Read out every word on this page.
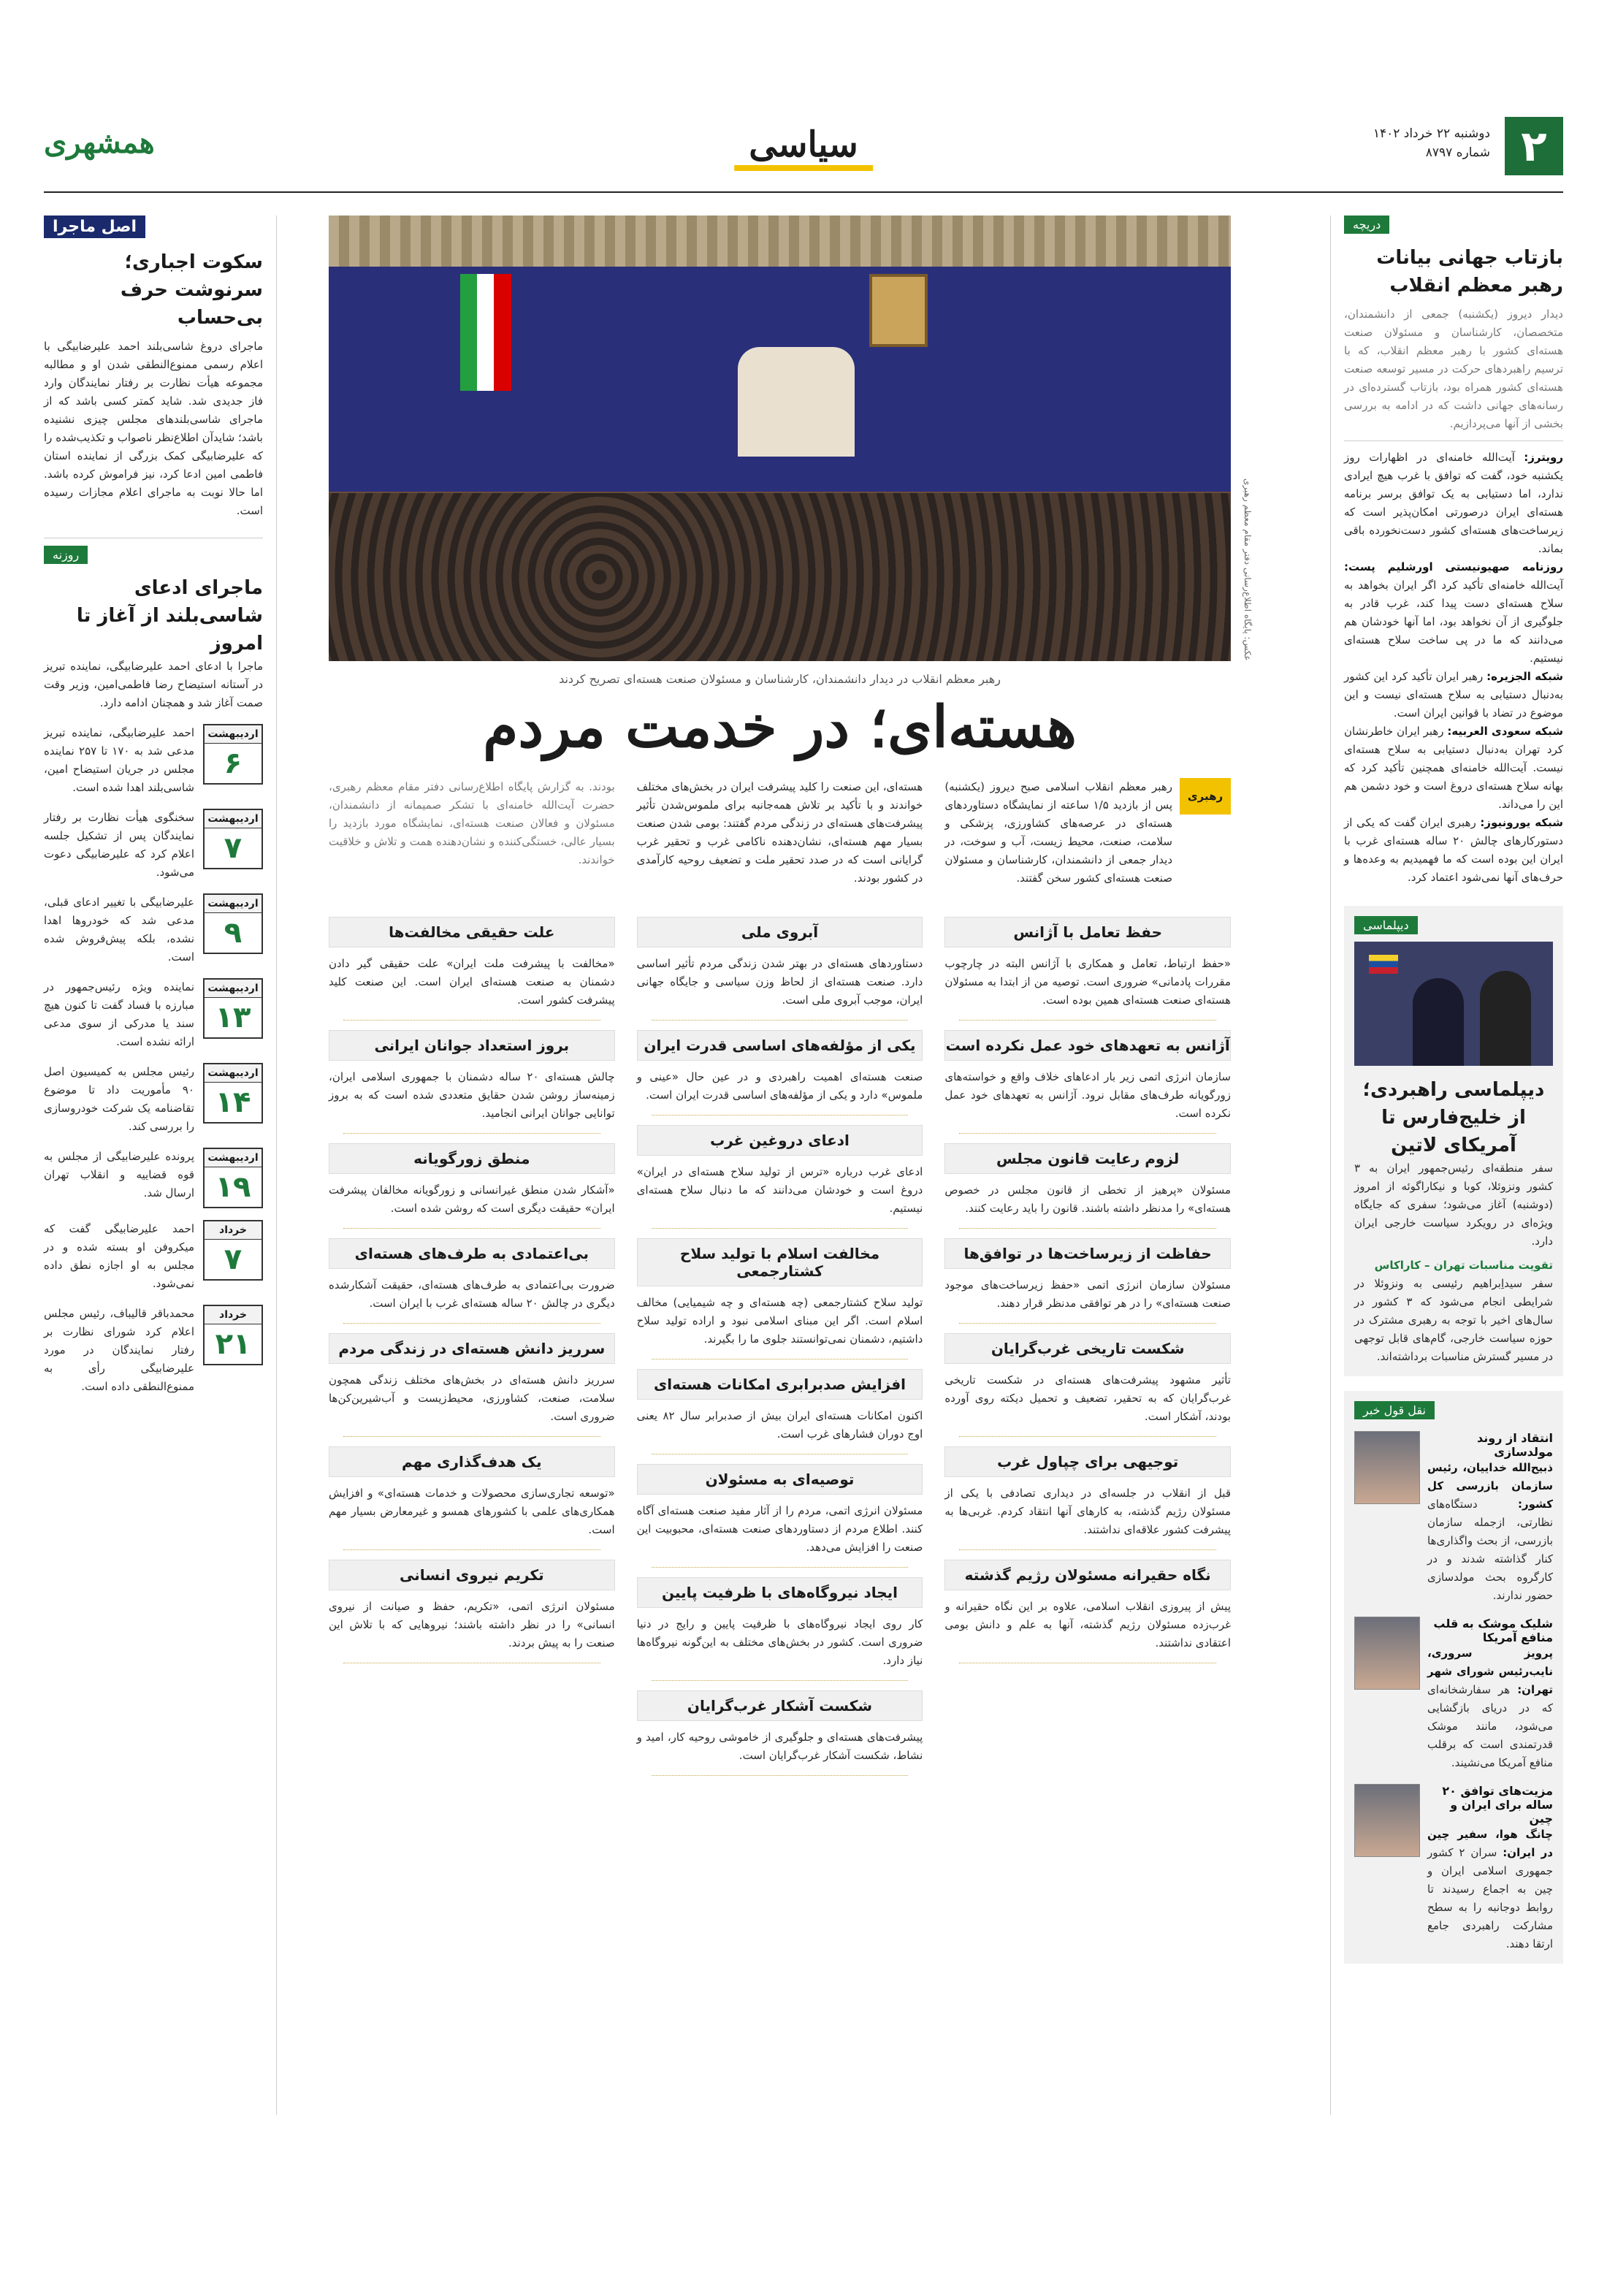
۲
دوشنبه ۲۲ خرداد ۱۴۰۲
شماره ۸۷۹۷
سیاسی
همشهری
دریچه
بازتاب جهانی بیانات رهبر معظم انقلاب
دیدار دیروز (یکشنبه) جمعی از دانشمندان، متخصصان، کارشناسان و مسئولان صنعت هسته‌ای کشور با رهبر معظم انقلاب، که با ترسیم راهبردهای حرکت در مسیر توسعه صنعت هسته‌ای کشور همراه بود، بازتاب گسترده‌ای در رسانه‌های جهانی داشت که در ادامه به بررسی بخشی از آنها می‌پردازیم.
رویترز: آیت‌الله خامنه‌ای در اظهارات روز یکشنبه خود، گفت که توافق با غرب هیچ ایرادی ندارد، اما دستیابی به یک توافق برسر برنامه هسته‌ای ایران درصورتی امکان‌پذیر است که زیرساخت‌های هسته‌ای کشور دست‌نخورده باقی بماند.
روزنامه صهیونیستی اورشلیم پست: آیت‌الله خامنه‌ای تأکید کرد اگر ایران بخواهد به سلاح هسته‌ای دست پیدا کند، غرب قادر به جلوگیری از آن نخواهد بود، اما آنها خودشان هم می‌دانند که ما در پی ساخت سلاح هسته‌ای نیستیم.
شبکه الجزیره: رهبر ایران تأکید کرد این کشور به‌دنبال دستیابی به سلاح هسته‌ای نیست و این موضوع در تضاد با قوانین ایران است.
شبکه سعودی العربیه: رهبر ایران خاطرنشان کرد تهران به‌دنبال دستیابی به سلاح هسته‌ای نیست. آیت‌الله خامنه‌ای همچنین تأکید کرد که بهانه سلاح هسته‌ای دروغ است و خود دشمن هم این را می‌داند.
شبکه یورونیوز: رهبری ایران گفت که یکی از دستورکارهای چالش ۲۰ ساله هسته‌ای غرب با ایران این بوده است که ما فهمیدیم به وعده‌ها و حرف‌های آنها نمی‌شود اعتماد کرد.
دیپلماسی
دیپلماسی راهبردی؛ از خلیج‌فارس تا آمریکای لاتین
سفر منطقه‌ای رئیس‌جمهور ایران به ۳ کشور ونزوئلا، کوبا و نیکاراگوئه از امروز (دوشنبه) آغاز می‌شود؛ سفری که جایگاه ویژه‌ای در رویکرد سیاست خارجی ایران دارد.
تقویت مناسبات تهران – کاراکاس
سفر سیداِبراهیم رئیسی به ونزوئلا در شرایطی انجام می‌شود که ۳ کشور در سال‌های اخیر با توجه به رهبری مشترک در حوزه سیاست خارجی، گام‌های قابل توجهی در مسیر گسترش مناسبات برداشته‌اند.
نقل قول خبر
انتقاد از روند مولدسازی
ذبیح‌الله خداییان، رئیس سازمان بازرسی کل کشور: دستگاه‌های نظارتی، ازجمله سازمان بازرسی، از بحث واگذاری‌ها کنار گذاشته شدند و در کارگروه بحث مولدسازی حضور ندارند.
شلیک موشک به قلب منافع آمریکا
پرویز سروری، نایب‌رئیس شورای شهر تهران: هر سفارشخانه‌ای که در دریای بازگشایی می‌شود، مانند موشک قدرتمندی است که برقلب منافع آمریکا می‌نشیند.
مزیت‌های توافق ۲۰ ساله برای ایران و چین
چانگ هوا، سفیر چین در ایران: سران ۲ کشور جمهوری اسلامی ایران و چین به اجماع رسیدند تا روابط دوجانبه را به سطح مشارکت راهبردی جامع ارتقا دهند.
اصل ماجرا
سکوت اجباری؛ سرنوشت حرف بی‌حساب
ماجرای دروغ شاسی‌بلند احمد علیرضابیگی با اعلام رسمی ممنوع‌النطقی شدن او و مطالبه مجموعه هیأت نظارت بر رفتار نمایندگان وارد فاز جدیدی شد. شاید کمتر کسی باشد که از ماجرای شاسی‌بلندهای مجلس چیزی نشنیده باشد؛ شایدآن اطلاع‌نظر ناصواب و تکذیب‌شده را که علیرضابیگی کمک بزرگی از نماینده استان فاطمی امین ادعا کرد، نیز فراموش کرده باشد. اما حالا نوبت به ماجرای اعلام مجازات رسیده است.
روزنه
ماجرای ادعای شاسی‌بلند از آغاز تا امروز
ماجرا با ادعای احمد علیرضابیگی، نماینده تبریز در آستانه استیضاح رضا فاطمی‌امین، وزیر وقت صمت آغاز شد و همچنان ادامه دارد.
اردیبهشت
۶
احمد علیرضابیگی، نماینده تبریز مدعی شد به ۱۷۰ تا ۲۵۷ نماینده مجلس در جریان استیضاح امین، شاسی‌بلند اهدا شده است.
اردیبهشت
۷
سخنگوی هیأت نظارت بر رفتار نمایندگان پس از تشکیل جلسه اعلام کرد که علیرضابیگی دعوت می‌شود.
اردیبهشت
۹
علیرضابیگی با تغییر ادعای قبلی، مدعی شد که خودروها اهدا نشده، بلکه پیش‌فروش شده است.
اردیبهشت
۱۳
نماینده ویژه رئیس‌جمهور در مبارزه با فساد گفت تا کنون هیچ سند یا مدرکی از سوی مدعی ارائه نشده است.
اردیبهشت
۱۴
رئیس مجلس به کمیسیون اصل ۹۰ مأموریت داد تا موضوع تقاضنامه یک شرکت خودروسازی را بررسی کند.
اردیبهشت
۱۹
پرونده علیرضابیگی از مجلس به قوه قضاییه و انقلاب تهران ارسال شد.
خرداد
۷
احمد علیرضابیگی گفت که میکروفن او بسته شده و در مجلس به او اجازه نطق داده نمی‌شود.
خرداد
۲۱
محمدباقر قالیباف، رئیس مجلس اعلام کرد شورای نظارت بر رفتار نمایندگان در مورد علیرضابیگی رأی به ممنوع‌النطقی داده است.
عکس: پایگاه اطلاع‌رسانی دفتر مقام معظم رهبری
رهبر معظم انقلاب در دیدار دانشمندان، کارشناسان و مسئولان صنعت هسته‌ای تصریح کردند
هسته‌ای؛ در خدمت مردم
رهبری
رهبر معظم انقلاب اسلامی صبح دیروز (یکشنبه) پس از بازدید ۱/۵ ساعته از نمایشگاه دستاوردهای هسته‌ای در عرصه‌های کشاورزی، پزشکی و سلامت، صنعت، محیط زیست، آب و سوخت، در دیدار جمعی از دانشمندان، کارشناسان و مسئولان صنعت هسته‌ای کشور سخن گفتند.
هسته‌ای، این صنعت را کلید پیشرفت ایران در بخش‌های مختلف خواندند و با تأکید بر تلاش همه‌جانبه برای ملموس‌شدن تأثیر پیشرفت‌های هسته‌ای در زندگی مردم گفتند: بومی شدن صنعت بسیار مهم هسته‌ای، نشان‌دهنده ناکامی غرب و تحقیر غرب گرایانی است که در صدد تحقیر ملت و تضعیف روحیه کارآمدی در کشور بودند.
بودند. به گزارش پایگاه اطلاع‌رسانی دفتر مقام معظم رهبری، حضرت آیت‌الله خامنه‌ای با تشکر صمیمانه از دانشمندان، مسئولان و فعالان صنعت هسته‌ای، نمایشگاه مورد بازدید را بسیار عالی، خستگی‌کننده و نشان‌دهنده همت و تلاش و خلاقیت خواندند.
حفظ تعامل با آژانس
«حفظ ارتباط، تعامل و همکاری با آژانس البته در چارچوب مقررات پادمانی» ضروری است. توصیه من از ابتدا به مسئولان هسته‌ای صنعت هسته‌ای همین بوده است.
آژانس به تعهدهای خود عمل نکرده است
سازمان انرژی اتمی زیر بار ادعاهای خلاف واقع و خواسته‌های زورگویانه طرف‌های مقابل نرود. آژانس به تعهدهای خود عمل نکرده است.
لزوم رعایت قانون مجلس
مسئولان «پرهیز از تخطی از قانون مجلس در خصوص هسته‌ای» را مدنظر داشته باشند. قانون را باید رعایت کنند.
حفاظت از زیرساخت‌ها در توافق‌ها
مسئولان سازمان انرژی اتمی «حفظ زیرساخت‌های موجود صنعت هسته‌ای» را در هر توافقی مدنظر قرار دهند.
شکست تاریخی غرب‌گرایان
تأثیر مشهود پیشرفت‌های هسته‌ای در شکست تاریخی غرب‌گرایان که به تحقیر، تضعیف و تحمیل دیکته روی آورده بودند، آشکار است.
توجیهی برای چپاول غرب
قبل از انقلاب در جلسه‌ای در دیداری تصادفی با یکی از مسئولان رژیم گذشته، به کارهای آنها انتقاد کردم. غربی‌ها به پیشرفت کشور علاقه‌ای نداشتند.
نگاه حقیرانه مسئولان رژیم گذشته
پیش از پیروزی انقلاب اسلامی، علاوه بر این نگاه حقیرانه و غرب‌زده مسئولان رژیم گذشته، آنها به علم و دانش بومی اعتقادی نداشتند.
آبروی ملی
دستاوردهای هسته‌ای در بهتر شدن زندگی مردم تأثیر اساسی دارد. صنعت هسته‌ای از لحاظ وزن سیاسی و جایگاه جهانی ایران، موجب آبروی ملی است.
یکی از مؤلفه‌های اساسی قدرت ایران
صنعت هسته‌ای اهمیت راهبردی و در عین حال «عینی و ملموس» دارد و یکی از مؤلفه‌های اساسی قدرت ایران است.
ادعای دروغین غرب
ادعای غرب درباره «ترس از تولید سلاح هسته‌ای در ایران» دروغ است و خودشان می‌دانند که ما دنبال سلاح هسته‌ای نیستیم.
مخالفت اسلام با تولید سلاح کشتارجمعی
تولید سلاح کشتارجمعی (چه هسته‌ای و چه شیمیایی) مخالف اسلام است. اگر این مبنای اسلامی نبود و اراده تولید سلاح داشتیم، دشمنان نمی‌توانستند جلوی ما را بگیرند.
افزایش صدبرابری امکانات هسته‌ای
اکنون امکانات هسته‌ای ایران بیش از صدبرابر سال ۸۲ یعنی اوج دوران فشارهای غرب است.
توصیه‌ای به مسئولان
مسئولان انرژی اتمی، مردم را از آثار مفید صنعت هسته‌ای آگاه کنند. اطلاع مردم از دستاوردهای صنعت هسته‌ای، محبوبیت این صنعت را افزایش می‌دهد.
ایجاد نیروگاه‌های با ظرفیت پایین
کار روی ایجاد نیروگاه‌های با ظرفیت پایین و رایج در دنیا ضروری است. کشور در بخش‌های مختلف به این‌گونه نیروگاه‌ها نیاز دارد.
شکست آشکار غرب‌گرایان
پیشرفت‌های هسته‌ای و جلوگیری از خاموشی روحیه کار، امید و نشاط، شکست آشکار غرب‌گرایان است.
علت حقیقی مخالفت‌ها
«مخالفت با پیشرفت ملت ایران» علت حقیقی گیر دادن دشمنان به صنعت هسته‌ای ایران است. این صنعت کلید پیشرفت کشور است.
بروز استعداد جوانان ایرانی
چالش هسته‌ای ۲۰ ساله دشمنان با جمهوری اسلامی ایران، زمینه‌ساز روشن شدن حقایق متعددی شده است که به بروز توانایی جوانان ایرانی انجامید.
منطق زورگویانه
«آشکار شدن منطق غیرانسانی و زورگویانه مخالفان پیشرفت ایران» حقیقت دیگری است که روشن شده است.
بی‌اعتمادی به طرف‌های هسته‌ای
ضرورت بی‌اعتمادی به طرف‌های هسته‌ای، حقیقت آشکارشده دیگری در چالش ۲۰ ساله هسته‌ای غرب با ایران است.
سرریز دانش هسته‌ای در زندگی مردم
سرریز دانش هسته‌ای در بخش‌های مختلف زندگی همچون سلامت، صنعت، کشاورزی، محیط‌زیست و آب‌شیرین‌کن‌ها ضروری است.
یک هدف‌گذاری مهم
«توسعه تجاری‌سازی محصولات و خدمات هسته‌ای» و افزایش همکاری‌های علمی با کشورهای همسو و غیرمعارض بسیار مهم است.
تکریم نیروی انسانی
مسئولان انرژی اتمی، «تکریم، حفظ و صیانت از نیروی انسانی» را در نظر داشته باشند؛ نیروهایی که با تلاش این صنعت را به پیش بردند.
